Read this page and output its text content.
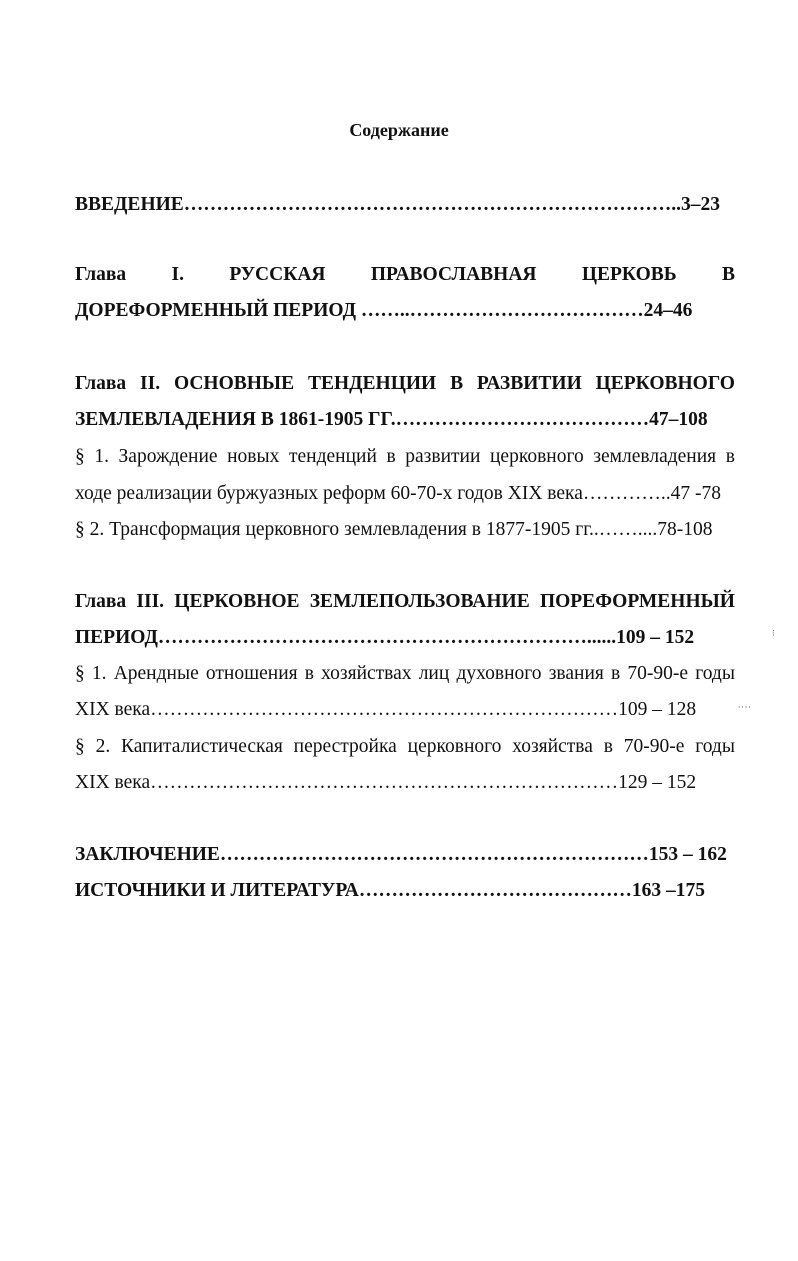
Содержание
ВВЕДЕНИЕ…………………………………………………………………..3–23
Глава I. РУССКАЯ ПРАВОСЛАВНАЯ ЦЕРКОВЬ В
ДОРЕФОРМЕННЫЙ ПЕРИОД ……..………………………………24–46
Глава II. ОСНОВНЫЕ ТЕНДЕНЦИИ В РАЗВИТИИ ЦЕРКОВНОГО
ЗЕМЛЕВЛАДЕНИЯ В 1861-1905 ГГ.…………………………………47–108
§ 1. Зарождение новых тенденций в развитии церковного землевладения в
ходе реализации буржуазных реформ 60-70-х годов XIX века…………..47 -78
§ 2. Трансформация церковного землевладения в 1877-1905 гг..……....78-108
Глава III. ЦЕРКОВНОЕ ЗЕМЛЕПОЛЬЗОВАНИЕ ПОРЕФОРМЕННЫЙ
ПЕРИОД…………………………………………………………......109 – 152
§ 1. Арендные отношения в хозяйствах лиц духовного звания в 70-90-е годы
XIX века………………………………………………………………109 – 128
§ 2. Капиталистическая перестройка церковного хозяйства в 70-90-е годы
XIX века………………………………………………………………129 – 152
ЗАКЛЮЧЕНИЕ…………………………………………………………153 – 162
ИСТОЧНИКИ И ЛИТЕРАТУРА……………………………………163 –175
⁝
⸱⸱⸱⸱
